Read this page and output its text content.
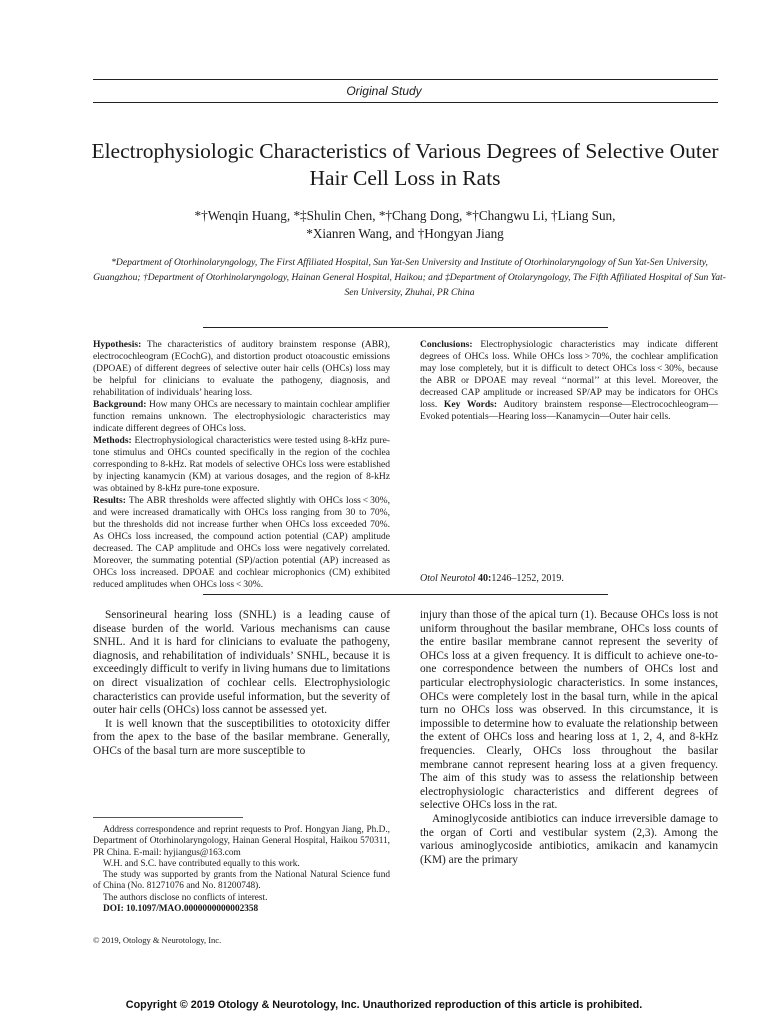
Original Study
Electrophysiologic Characteristics of Various Degrees of Selective Outer Hair Cell Loss in Rats
*†Wenqin Huang, *‡Shulin Chen, *†Chang Dong, *†Changwu Li, †Liang Sun,
*Xianren Wang, and †Hongyan Jiang
*Department of Otorhinolaryngology, The First Affiliated Hospital, Sun Yat-Sen University and Institute of Otorhinolaryngology of Sun Yat-Sen University, Guangzhou; †Department of Otorhinolaryngology, Hainan General Hospital, Haikou; and ‡Department of Otolaryngology, The Fifth Affiliated Hospital of Sun Yat-Sen University, Zhuhai, PR China

Hypothesis: The characteristics of auditory brainstem response (ABR), electrocochleogram (ECochG), and distortion product otoacoustic emissions (DPOAE) of different degrees of selective outer hair cells (OHCs) loss may be helpful for clinicians to evaluate the pathogeny, diagnosis, and rehabilitation of individuals’ hearing loss.

Background: How many OHCs are necessary to maintain cochlear amplifier function remains unknown. The electrophysiologic characteristics may indicate different degrees of OHCs loss.

Methods: Electrophysiological characteristics were tested using 8-kHz pure-tone stimulus and OHCs counted specifically in the region of the cochlea corresponding to 8-kHz. Rat models of selective OHCs loss were established by injecting kanamycin (KM) at various dosages, and the region of 8-kHz was obtained by 8-kHz pure-tone exposure.

Results: The ABR thresholds were affected slightly with OHCs loss < 30%, and were increased dramatically with OHCs loss ranging from 30 to 70%, but the thresholds did not increase further when OHCs loss exceeded 70%. As OHCs loss increased, the compound action potential (CAP) amplitude decreased. The CAP amplitude and OHCs loss were negatively correlated. Moreover, the summating potential (SP)/action potential (AP) increased as OHCs loss increased. DPOAE and cochlear microphonics (CM) exhibited reduced amplitudes when OHCs loss < 30%.

Conclusions: Electrophysiologic characteristics may indicate different degrees of OHCs loss. While OHCs loss > 70%, the cochlear amplification may lose completely, but it is difficult to detect OHCs loss < 30%, because the ABR or DPOAE may reveal ‘‘normal’’ at this level. Moreover, the decreased CAP amplitude or increased SP/AP may be indicators for OHCs loss. Key Words: Auditory brainstem response—Electrocochleogram—Evoked potentials—Hearing loss—Kanamycin—Outer hair cells.

Otol Neurotol 40:1246–1252, 2019.

Sensorineural hearing loss (SNHL) is a leading cause of disease burden of the world. Various mechanisms can cause SNHL. And it is hard for clinicians to evaluate the pathogeny, diagnosis, and rehabilitation of individuals’ SNHL, because it is exceedingly difficult to verify in living humans due to limitations on direct visualization of cochlear cells. Electrophysiologic characteristics can provide useful information, but the severity of outer hair cells (OHCs) loss cannot be assessed yet.

It is well known that the susceptibilities to ototoxicity differ from the apex to the base of the basilar membrane. Generally, OHCs of the basal turn are more susceptible to

injury than those of the apical turn (1). Because OHCs loss is not uniform throughout the basilar membrane, OHCs loss counts of the entire basilar membrane cannot represent the severity of OHCs loss at a given frequency. It is difficult to achieve one-to-one correspondence between the numbers of OHCs lost and particular electrophysiologic characteristics. In some instances, OHCs were completely lost in the basal turn, while in the apical turn no OHCs loss was observed. In this circumstance, it is impossible to determine how to evaluate the relationship between the extent of OHCs loss and hearing loss at 1, 2, 4, and 8-kHz frequencies. Clearly, OHCs loss throughout the basilar membrane cannot represent hearing loss at a given frequency. The aim of this study was to assess the relationship between electrophysiologic characteristics and different degrees of selective OHCs loss in the rat.

Aminoglycoside antibiotics can induce irreversible damage to the organ of Corti and vestibular system (2,3). Among the various aminoglycoside antibiotics, amikacin and kanamycin (KM) are the primary

Address correspondence and reprint requests to Prof. Hongyan Jiang, Ph.D., Department of Otorhinolaryngology, Hainan General Hospital, Haikou 570311, PR China. E-mail: hyjiangus@163.com

W.H. and S.C. have contributed equally to this work.

The study was supported by grants from the National Natural Science fund of China (No. 81271076 and No. 81200748).

The authors disclose no conflicts of interest.

DOI: 10.1097/MAO.0000000000002358

© 2019, Otology & Neurotology, Inc.
Copyright © 2019 Otology & Neurotology, Inc. Unauthorized reproduction of this article is prohibited.
